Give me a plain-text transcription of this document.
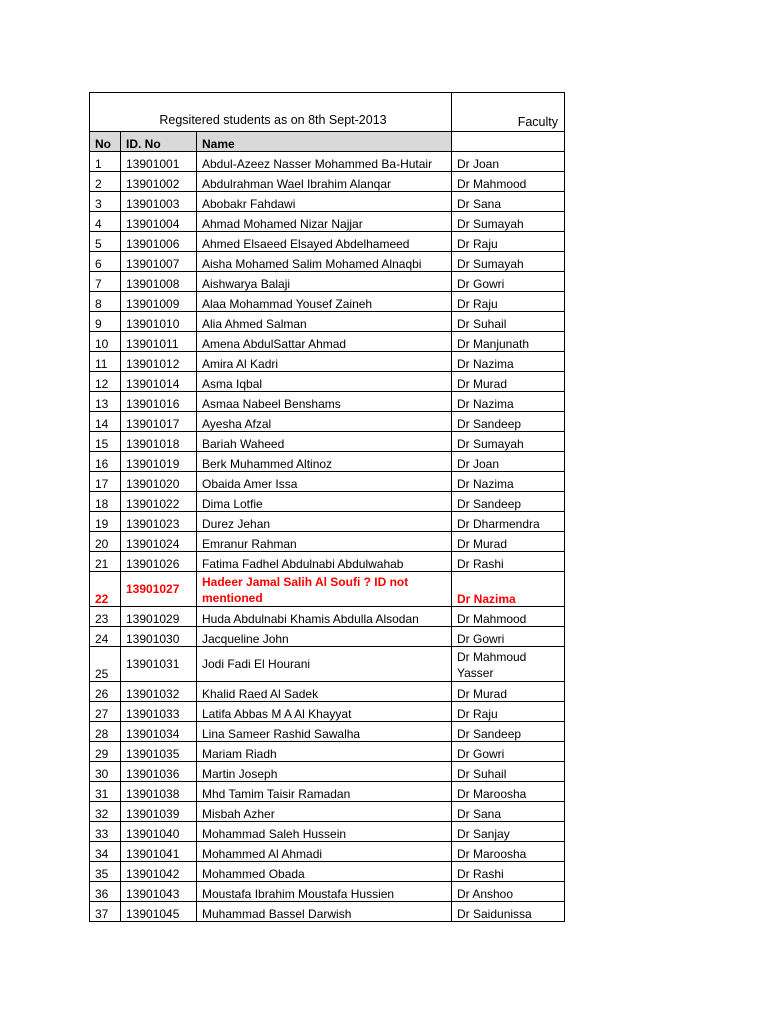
Regsitered students as on 8th Sept-2013			Faculty
No	ID. No	Name	
1	13901001	Abdul-Azeez Nasser Mohammed Ba-Hutair	Dr Joan
2	13901002	Abdulrahman Wael Ibrahim Alanqar	Dr Mahmood
3	13901003	Abobakr Fahdawi	Dr Sana
4	13901004	Ahmad Mohamed Nizar Najjar	Dr Sumayah
5	13901006	Ahmed Elsaeed Elsayed Abdelhameed	Dr Raju
6	13901007	Aisha Mohamed Salim Mohamed Alnaqbi	Dr Sumayah
7	13901008	Aishwarya Balaji	Dr Gowri
8	13901009	Alaa Mohammad Yousef Zaineh	Dr Raju
9	13901010	Alia Ahmed Salman	Dr Suhail
10	13901011	Amena AbdulSattar Ahmad	Dr Manjunath
11	13901012	Amira Al Kadri	Dr Nazima
12	13901014	Asma Iqbal	Dr Murad
13	13901016	Asmaa Nabeel Benshams	Dr Nazima
14	13901017	Ayesha Afzal	Dr Sandeep
15	13901018	Bariah Waheed	Dr Sumayah
16	13901019	Berk Muhammed Altinoz	Dr Joan
17	13901020	Obaida Amer Issa	Dr Nazima
18	13901022	Dima Lotfie	Dr Sandeep
19	13901023	Durez Jehan	Dr Dharmendra
20	13901024	Emranur Rahman	Dr Murad
21	13901026	Fatima Fadhel Abdulnabi Abdulwahab	Dr Rashi
22	13901027	Hadeer Jamal Salih Al Soufi ? ID not mentioned	Dr Nazima
23	13901029	Huda Abdulnabi Khamis Abdulla Alsodan	Dr Mahmood
24	13901030	Jacqueline John	Dr Gowri
25	13901031	Jodi Fadi El Hourani	Dr Mahmoud Yasser
26	13901032	Khalid Raed Al Sadek	Dr Murad
27	13901033	Latifa Abbas M A Al Khayyat	Dr Raju
28	13901034	Lina Sameer Rashid Sawalha	Dr Sandeep
29	13901035	Mariam Riadh	Dr Gowri
30	13901036	Martin Joseph	Dr Suhail
31	13901038	Mhd Tamim Taisir Ramadan	Dr Maroosha
32	13901039	Misbah Azher	Dr Sana
33	13901040	Mohammad Saleh Hussein	Dr Sanjay
34	13901041	Mohammed Al Ahmadi	Dr Maroosha
35	13901042	Mohammed Obada	Dr Rashi
36	13901043	Moustafa Ibrahim Moustafa Hussien	Dr Anshoo
37	13901045	Muhammad Bassel Darwish	Dr Saidunissa
